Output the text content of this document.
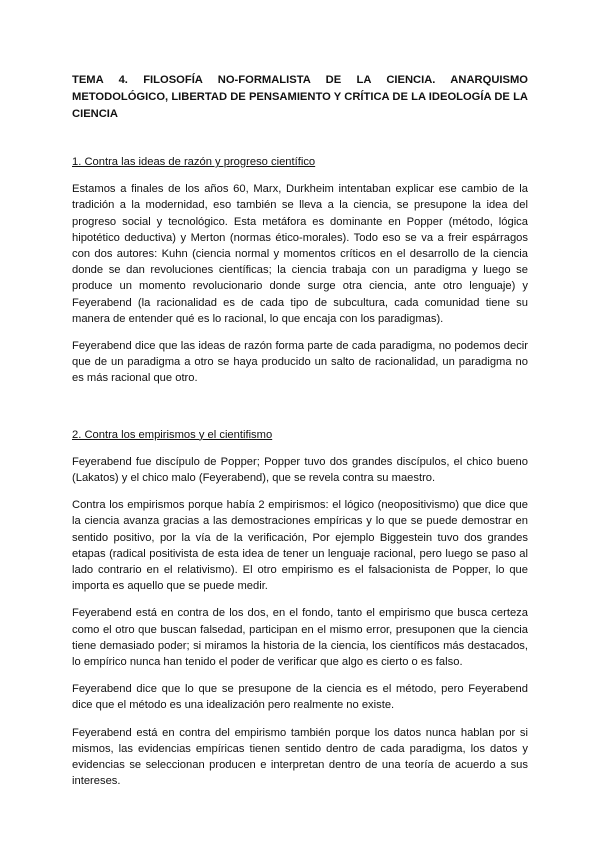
TEMA 4. FILOSOFÍA NO-FORMALISTA DE LA CIENCIA. ANARQUISMO METODOLÓGICO, LIBERTAD DE PENSAMIENTO Y CRÍTICA DE LA IDEOLOGÍA DE LA CIENCIA

1. Contra las ideas de razón y progreso científico

Estamos a finales de los años 60, Marx, Durkheim intentaban explicar ese cambio de la tradición a la modernidad, eso también se lleva a la ciencia, se presupone la idea del progreso social y tecnológico. Esta metáfora es dominante en Popper (método, lógica hipotético deductiva) y Merton (normas ético-morales). Todo eso se va a freir espárragos con dos autores: Kuhn (ciencia normal y momentos críticos en el desarrollo de la ciencia donde se dan revoluciones científicas; la ciencia trabaja con un paradigma y luego se produce un momento revolucionario donde surge otra ciencia, ante otro lenguaje) y Feyerabend (la racionalidad es de cada tipo de subcultura, cada comunidad tiene su manera de entender qué es lo racional, lo que encaja con los paradigmas).

Feyerabend dice que las ideas de razón forma parte de cada paradigma, no podemos decir que de un paradigma a otro se haya producido un salto de racionalidad, un paradigma no es más racional que otro.

2. Contra los empirismos y el cientifismo

Feyerabend fue discípulo de Popper; Popper tuvo dos grandes discípulos, el chico bueno (Lakatos) y el chico malo (Feyerabend), que se revela contra su maestro.

Contra los empirismos porque había 2 empirismos: el lógico (neopositivismo) que dice que la ciencia avanza gracias a las demostraciones empíricas y lo que se puede demostrar en sentido positivo, por la vía de la verificación, Por ejemplo Biggestein tuvo dos grandes etapas (radical positivista de esta idea de tener un lenguaje racional, pero luego se paso al lado contrario en el relativismo). El otro empirismo es el falsacionista de Popper, lo que importa es aquello que se puede medir.

Feyerabend está en contra de los dos, en el fondo, tanto el empirismo que busca certeza como el otro que buscan falsedad, participan en el mismo error, presuponen que la ciencia tiene demasiado poder; si miramos la historia de la ciencia, los científicos más destacados, lo empírico nunca han tenido el poder de verificar que algo es cierto o es falso.

Feyerabend dice que lo que se presupone de la ciencia es el método, pero Feyerabend dice que el método es una idealización pero realmente no existe.

Feyerabend está en contra del empirismo también porque los datos nunca hablan por si mismos, las evidencias empíricas tienen sentido dentro de cada paradigma, los datos y evidencias se seleccionan producen e interpretan dentro de una teoría de acuerdo a sus intereses.
